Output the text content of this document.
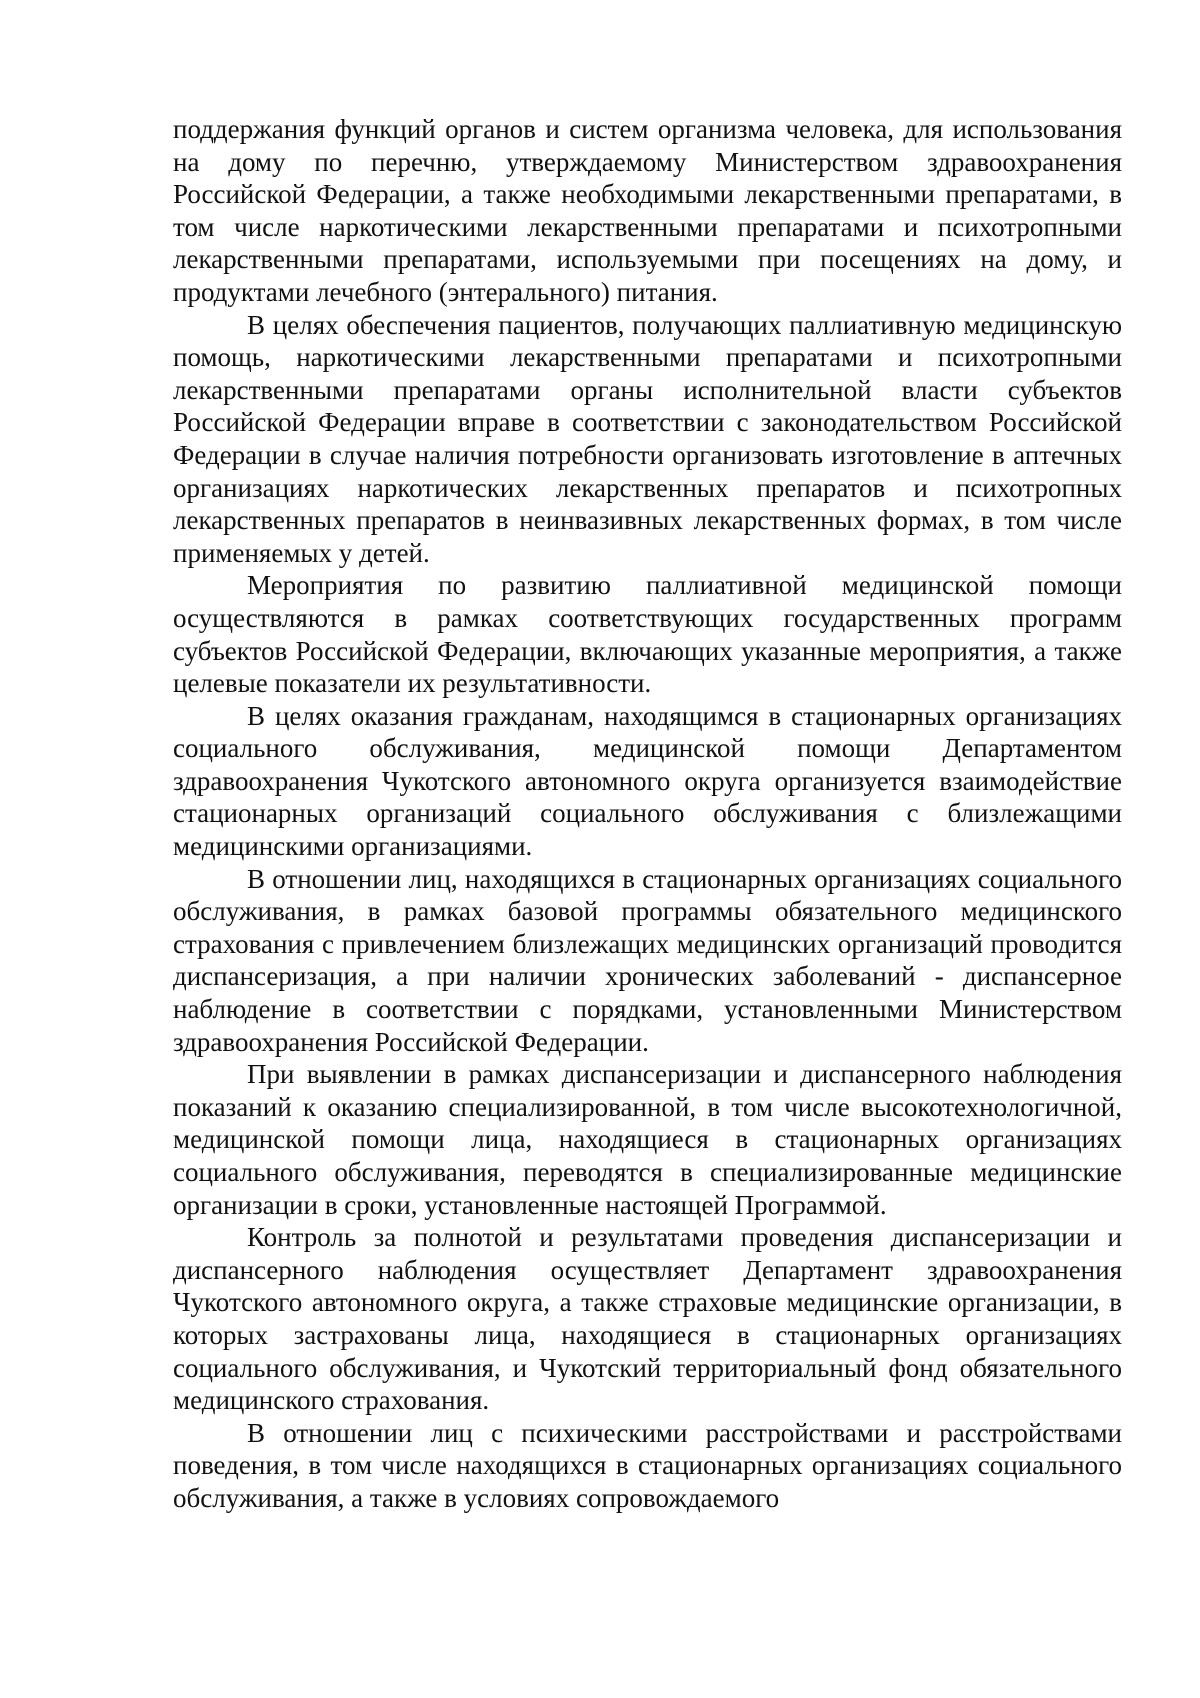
поддержания функций органов и систем организма человека, для использования на дому по перечню, утверждаемому Министерством здравоохранения Российской Федерации, а также необходимыми лекарственными препаратами, в том числе наркотическими лекарственными препаратами и психотропными лекарственными препаратами, используемыми при посещениях на дому, и продуктами лечебного (энтерального) питания.

В целях обеспечения пациентов, получающих паллиативную медицинскую помощь, наркотическими лекарственными препаратами и психотропными лекарственными препаратами органы исполнительной власти субъектов Российской Федерации вправе в соответствии с законодательством Российской Федерации в случае наличия потребности организовать изготовление в аптечных организациях наркотических лекарственных препаратов и психотропных лекарственных препаратов в неинвазивных лекарственных формах, в том числе применяемых у детей.

Мероприятия по развитию паллиативной медицинской помощи осуществляются в рамках соответствующих государственных программ субъектов Российской Федерации, включающих указанные мероприятия, а также целевые показатели их результативности.

В целях оказания гражданам, находящимся в стационарных организациях социального обслуживания, медицинской помощи Департаментом здравоохранения Чукотского автономного округа организуется взаимодействие стационарных организаций социального обслуживания с близлежащими медицинскими организациями.

В отношении лиц, находящихся в стационарных организациях социального обслуживания, в рамках базовой программы обязательного медицинского страхования с привлечением близлежащих медицинских организаций проводится диспансеризация, а при наличии хронических заболеваний - диспансерное наблюдение в соответствии с порядками, установленными Министерством здравоохранения Российской Федерации.

При выявлении в рамках диспансеризации и диспансерного наблюдения показаний к оказанию специализированной, в том числе высокотехнологичной, медицинской помощи лица, находящиеся в стационарных организациях социального обслуживания, переводятся в специализированные медицинские организации в сроки, установленные настоящей Программой.

Контроль за полнотой и результатами проведения диспансеризации и диспансерного наблюдения осуществляет Департамент здравоохранения Чукотского автономного округа, а также страховые медицинские организации, в которых застрахованы лица, находящиеся в стационарных организациях социального обслуживания, и Чукотский территориальный фонд обязательного медицинского страхования.

В отношении лиц с психическими расстройствами и расстройствами поведения, в том числе находящихся в стационарных организациях социального обслуживания, а также в условиях сопровождаемого
